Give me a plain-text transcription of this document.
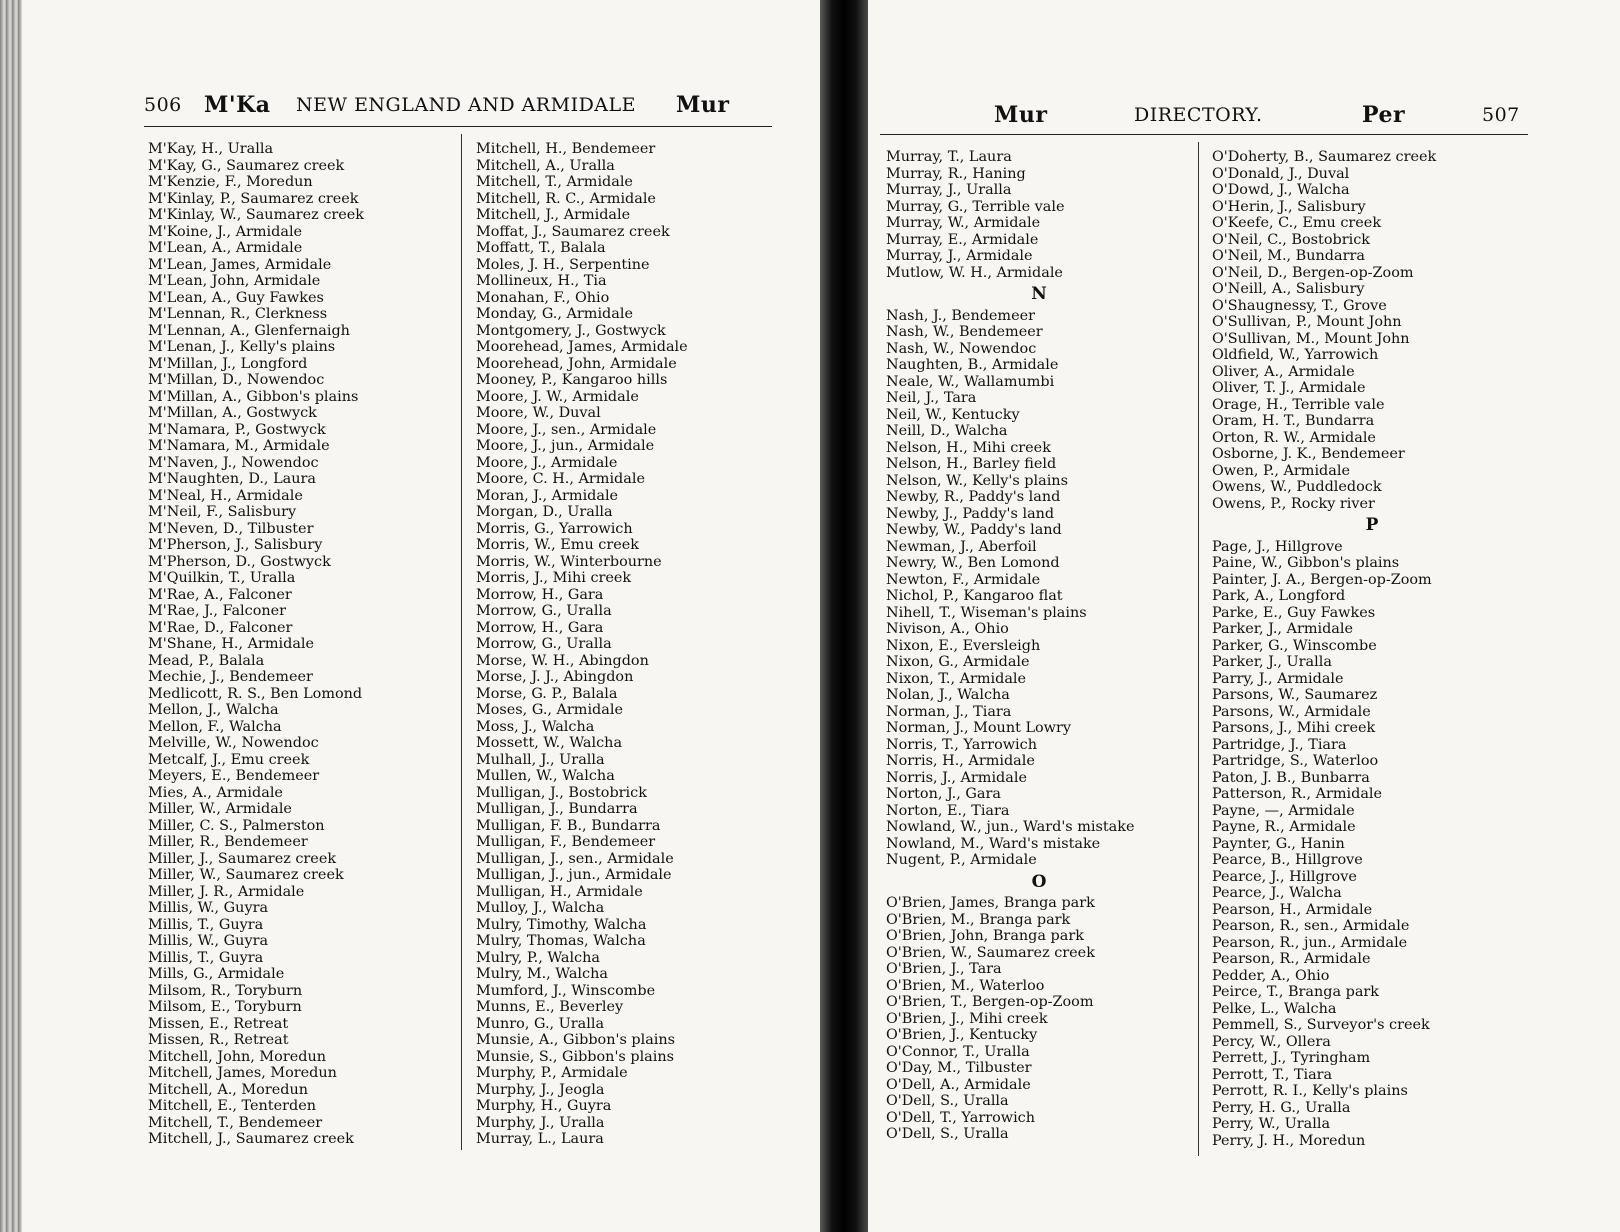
506 M'Ka NEW ENGLAND AND ARMIDALE Mur
M'Kay, H., Uralla
M'Kay, G., Saumarez creek
M'Kenzie, F., Moredun
M'Kinlay, P., Saumarez creek
M'Kinlay, W., Saumarez creek
M'Koine, J., Armidale
M'Lean, A., Armidale
M'Lean, James, Armidale
M'Lean, John, Armidale
M'Lean, A., Guy Fawkes
M'Lennan, R., Clerkness
M'Lennan, A., Glenfernaigh
M'Lenan, J., Kelly's plains
M'Millan, J., Longford
M'Millan, D., Nowendoc
M'Millan, A., Gibbon's plains
M'Millan, A., Gostwyck
M'Namara, P., Gostwyck
M'Namara, M., Armidale
M'Naven, J., Nowendoc
M'Naughten, D., Laura
M'Neal, H., Armidale
M'Neil, F., Salisbury
M'Neven, D., Tilbuster
M'Pherson, J., Salisbury
M'Pherson, D., Gostwyck
M'Quilkin, T., Uralla
M'Rae, A., Falconer
M'Rae, J., Falconer
M'Rae, D., Falconer
M'Shane, H., Armidale
Mead, P., Balala
Mechie, J., Bendemeer
Medlicott, R. S., Ben Lomond
Mellon, J., Walcha
Mellon, F., Walcha
Melville, W., Nowendoc
Metcalf, J., Emu creek
Meyers, E., Bendemeer
Mies, A., Armidale
Miller, W., Armidale
Miller, C. S., Palmerston
Miller, R., Bendemeer
Miller, J., Saumarez creek
Miller, W., Saumarez creek
Miller, J. R., Armidale
Millis, W., Guyra
Millis, T., Guyra
Millis, W., Guyra
Millis, T., Guyra
Mills, G., Armidale
Milsom, R., Toryburn
Milsom, E., Toryburn
Missen, E., Retreat
Missen, R., Retreat
Mitchell, John, Moredun
Mitchell, James, Moredun
Mitchell, A., Moredun
Mitchell, E., Tenterden
Mitchell, T., Bendemeer
Mitchell, J., Saumarez creek
Mitchell, H., Bendemeer
Mitchell, A., Uralla
Mitchell, T., Armidale
Mitchell, R. C., Armidale
Mitchell, J., Armidale
Moffat, J., Saumarez creek
Moffatt, T., Balala
Moles, J. H., Serpentine
Mollineux, H., Tia
Monahan, F., Ohio
Monday, G., Armidale
Montgomery, J., Gostwyck
Moorehead, James, Armidale
Moorehead, John, Armidale
Mooney, P., Kangaroo hills
Moore, J. W., Armidale
Moore, W., Duval
Moore, J., sen., Armidale
Moore, J., jun., Armidale
Moore, J., Armidale
Moore, C. H., Armidale
Moran, J., Armidale
Morgan, D., Uralla
Morris, G., Yarrowich
Morris, W., Emu creek
Morris, W., Winterbourne
Morris, J., Mihi creek
Morrow, H., Gara
Morrow, G., Uralla
Morrow, H., Gara
Morrow, G., Uralla
Morse, W. H., Abingdon
Morse, J. J., Abingdon
Morse, G. P., Balala
Moses, G., Armidale
Moss, J., Walcha
Mossett, W., Walcha
Mulhall, J., Uralla
Mullen, W., Walcha
Mulligan, J., Bostobrick
Mulligan, J., Bundarra
Mulligan, F. B., Bundarra
Mulligan, F., Bendemeer
Mulligan, J., sen., Armidale
Mulligan, J., jun., Armidale
Mulligan, H., Armidale
Mulloy, J., Walcha
Mulry, Timothy, Walcha
Mulry, Thomas, Walcha
Mulry, P., Walcha
Mulry, M., Walcha
Mumford, J., Winscombe
Munns, E., Beverley
Munro, G., Uralla
Munsie, A., Gibbon's plains
Munsie, S., Gibbon's plains
Murphy, P., Armidale
Murphy, J., Jeogla
Murphy, H., Guyra
Murphy, J., Uralla
Murray, L., Laura
Mur	DIRECTORY.	Per	507
Murray, T., Laura
Murray, R., Haning
Murray, J., Uralla
Murray, G., Terrible vale
Murray, W., Armidale
Murray, E., Armidale
Murray, J., Armidale
Mutlow, W. H., Armidale
N
Nash, J., Bendemeer
Nash, W., Bendemeer
Nash, W., Nowendoc
Naughten, B., Armidale
Neale, W., Wallamumbi
Neil, J., Tara
Neil, W., Kentucky
Neill, D., Walcha
Nelson, H., Mihi creek
Nelson, H., Barley field
Nelson, W., Kelly's plains
Newby, R., Paddy's land
Newby, J., Paddy's land
Newby, W., Paddy's land
Newman, J., Aberfoil
Newry, W., Ben Lomond
Newton, F., Armidale
Nichol, P., Kangaroo flat
Nihell, T., Wiseman's plains
Nivison, A., Ohio
Nixon, E., Eversleigh
Nixon, G., Armidale
Nixon, T., Armidale
Nolan, J., Walcha
Norman, J., Tiara
Norman, J., Mount Lowry
Norris, T., Yarrowich
Norris, H., Armidale
Norris, J., Armidale
Norton, J., Gara
Norton, E., Tiara
Nowland, W., jun., Ward's mistake
Nowland, M., Ward's mistake
Nugent, P., Armidale
O
O'Brien, James, Branga park
O'Brien, M., Branga park
O'Brien, John, Branga park
O'Brien, W., Saumarez creek
O'Brien, J., Tara
O'Brien, M., Waterloo
O'Brien, T., Bergen-op-Zoom
O'Brien, J., Mihi creek
O'Brien, J., Kentucky
O'Connor, T., Uralla
O'Day, M., Tilbuster
O'Dell, A., Armidale
O'Dell, S., Uralla
O'Dell, T., Yarrowich
O'Dell, S., Uralla
O'Doherty, B., Saumarez creek
O'Donald, J., Duval
O'Dowd, J., Walcha
O'Herin, J., Salisbury
O'Keefe, C., Emu creek
O'Neil, C., Bostobrick
O'Neil, M., Bundarra
O'Neil, D., Bergen-op-Zoom
O'Neill, A., Salisbury
O'Shaugnessy, T., Grove
O'Sullivan, P., Mount John
O'Sullivan, M., Mount John
Oldfield, W., Yarrowich
Oliver, A., Armidale
Oliver, T. J., Armidale
Orage, H., Terrible vale
Oram, H. T., Bundarra
Orton, R. W., Armidale
Osborne, J. K., Bendemeer
Owen, P., Armidale
Owens, W., Puddledock
Owens, P., Rocky river
P
Page, J., Hillgrove
Paine, W., Gibbon's plains
Painter, J. A., Bergen-op-Zoom
Park, A., Longford
Parke, E., Guy Fawkes
Parker, J., Armidale
Parker, G., Winscombe
Parker, J., Uralla
Parry, J., Armidale
Parsons, W., Saumarez
Parsons, W., Armidale
Parsons, J., Mihi creek
Partridge, J., Tiara
Partridge, S., Waterloo
Paton, J. B., Bunbarra
Patterson, R., Armidale
Payne, —, Armidale
Payne, R., Armidale
Paynter, G., Hanin
Pearce, B., Hillgrove
Pearce, J., Hillgrove
Pearce, J., Walcha
Pearson, H., Armidale
Pearson, R., sen., Armidale
Pearson, R., jun., Armidale
Pearson, R., Armidale
Pedder, A., Ohio
Peirce, T., Branga park
Pelke, L., Walcha
Pemmell, S., Surveyor's creek
Percy, W., Ollera
Perrett, J., Tyringham
Perrott, T., Tiara
Perrott, R. I., Kelly's plains
Perry, H. G., Uralla
Perry, W., Uralla
Perry, J. H., Moredun
